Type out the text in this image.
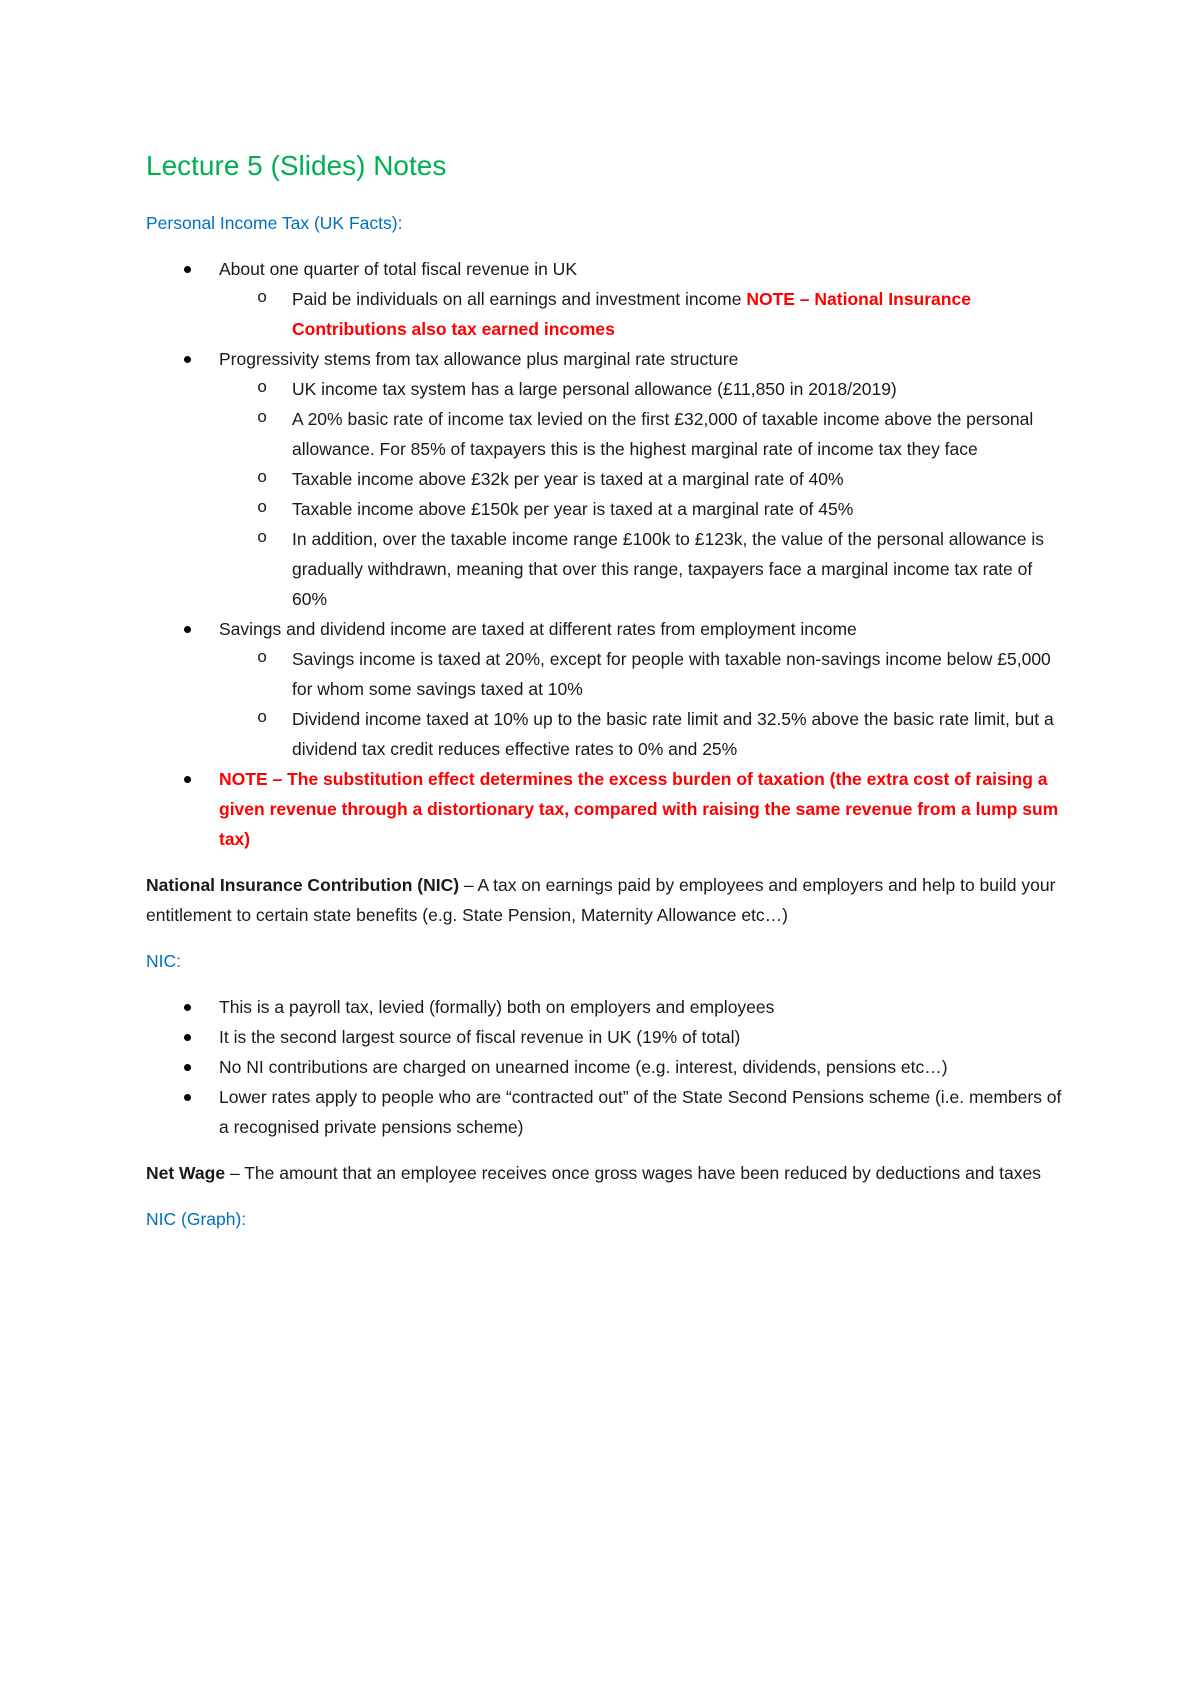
Lecture 5 (Slides) Notes
Personal Income Tax (UK Facts):
About one quarter of total fiscal revenue in UK
o Paid be individuals on all earnings and investment income NOTE – National Insurance Contributions also tax earned incomes
Progressivity stems from tax allowance plus marginal rate structure
o UK income tax system has a large personal allowance (£11,850 in 2018/2019)
o A 20% basic rate of income tax levied on the first £32,000 of taxable income above the personal allowance. For 85% of taxpayers this is the highest marginal rate of income tax they face
o Taxable income above £32k per year is taxed at a marginal rate of 40%
o Taxable income above £150k per year is taxed at a marginal rate of 45%
o In addition, over the taxable income range £100k to £123k, the value of the personal allowance is gradually withdrawn, meaning that over this range, taxpayers face a marginal income tax rate of 60%
Savings and dividend income are taxed at different rates from employment income
o Savings income is taxed at 20%, except for people with taxable non-savings income below £5,000 for whom some savings taxed at 10%
o Dividend income taxed at 10% up to the basic rate limit and 32.5% above the basic rate limit, but a dividend tax credit reduces effective rates to 0% and 25%
NOTE – The substitution effect determines the excess burden of taxation (the extra cost of raising a given revenue through a distortionary tax, compared with raising the same revenue from a lump sum tax)

National Insurance Contribution (NIC) – A tax on earnings paid by employees and employers and help to build your entitlement to certain state benefits (e.g. State Pension, Maternity Allowance etc…)

NIC:
This is a payroll tax, levied (formally) both on employers and employees
It is the second largest source of fiscal revenue in UK (19% of total)
No NI contributions are charged on unearned income (e.g. interest, dividends, pensions etc…)
Lower rates apply to people who are “contracted out” of the State Second Pensions scheme (i.e. members of a recognised private pensions scheme)

Net Wage – The amount that an employee receives once gross wages have been reduced by deductions and taxes

NIC (Graph):
